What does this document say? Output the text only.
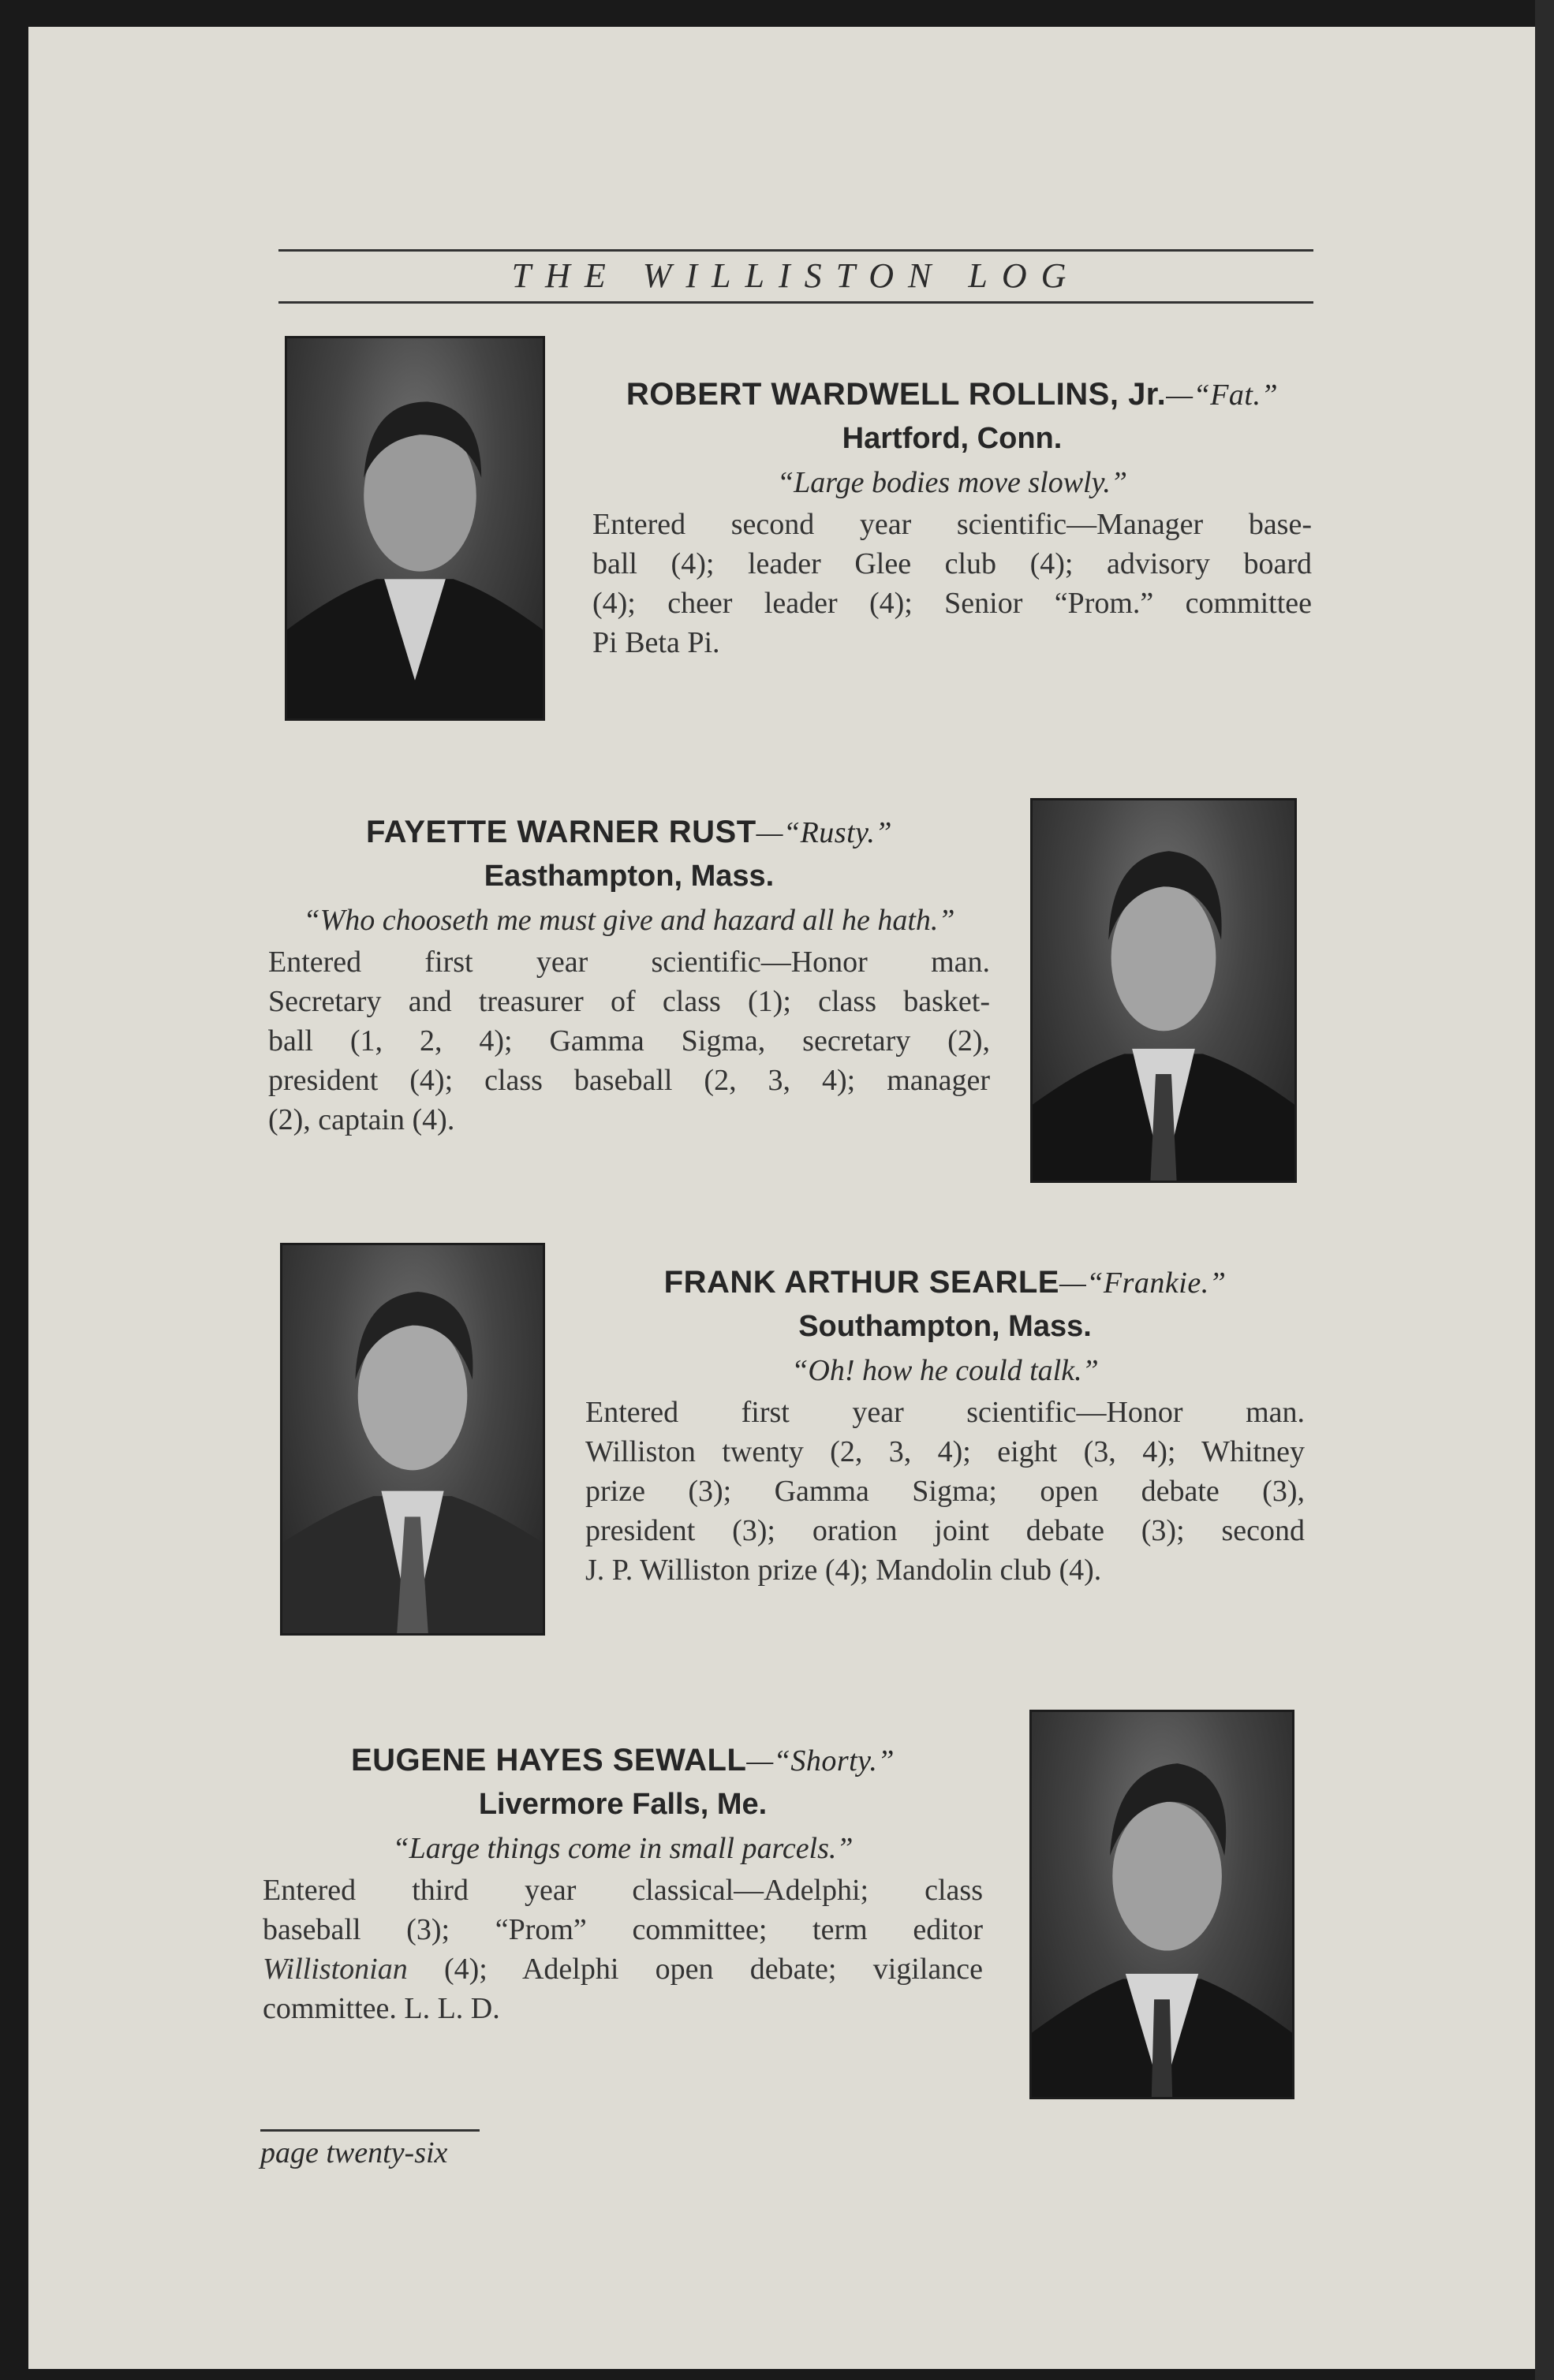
THE WILLISTON LOG
ROBERT WARDWELL ROLLINS, Jr.—“Fat.”
Hartford, Conn.
“Large bodies move slowly.”
Entered second year scientific—Manager base-
ball (4); leader Glee club (4); advisory board
(4); cheer leader (4); Senior “Prom.” committee
Pi Beta Pi.
FAYETTE WARNER RUST—“Rusty.”
Easthampton, Mass.
“Who chooseth me must give and hazard all he hath.”
Entered first year scientific—Honor man.
Secretary and treasurer of class (1); class basket-
ball (1, 2, 4); Gamma Sigma, secretary (2),
president (4); class baseball (2, 3, 4); manager
(2), captain (4).
FRANK ARTHUR SEARLE—“Frankie.”
Southampton, Mass.
“Oh! how he could talk.”
Entered first year scientific—Honor man.
Williston twenty (2, 3, 4); eight (3, 4); Whitney
prize (3); Gamma Sigma; open debate (3),
president (3); oration joint debate (3); second
J. P. Williston prize (4); Mandolin club (4).
EUGENE HAYES SEWALL—“Shorty.”
Livermore Falls, Me.
“Large things come in small parcels.”
Entered third year classical—Adelphi; class
baseball (3); “Prom” committee; term editor
Willistonian (4); Adelphi open debate; vigilance
committee. L. L. D.
page twenty-six
